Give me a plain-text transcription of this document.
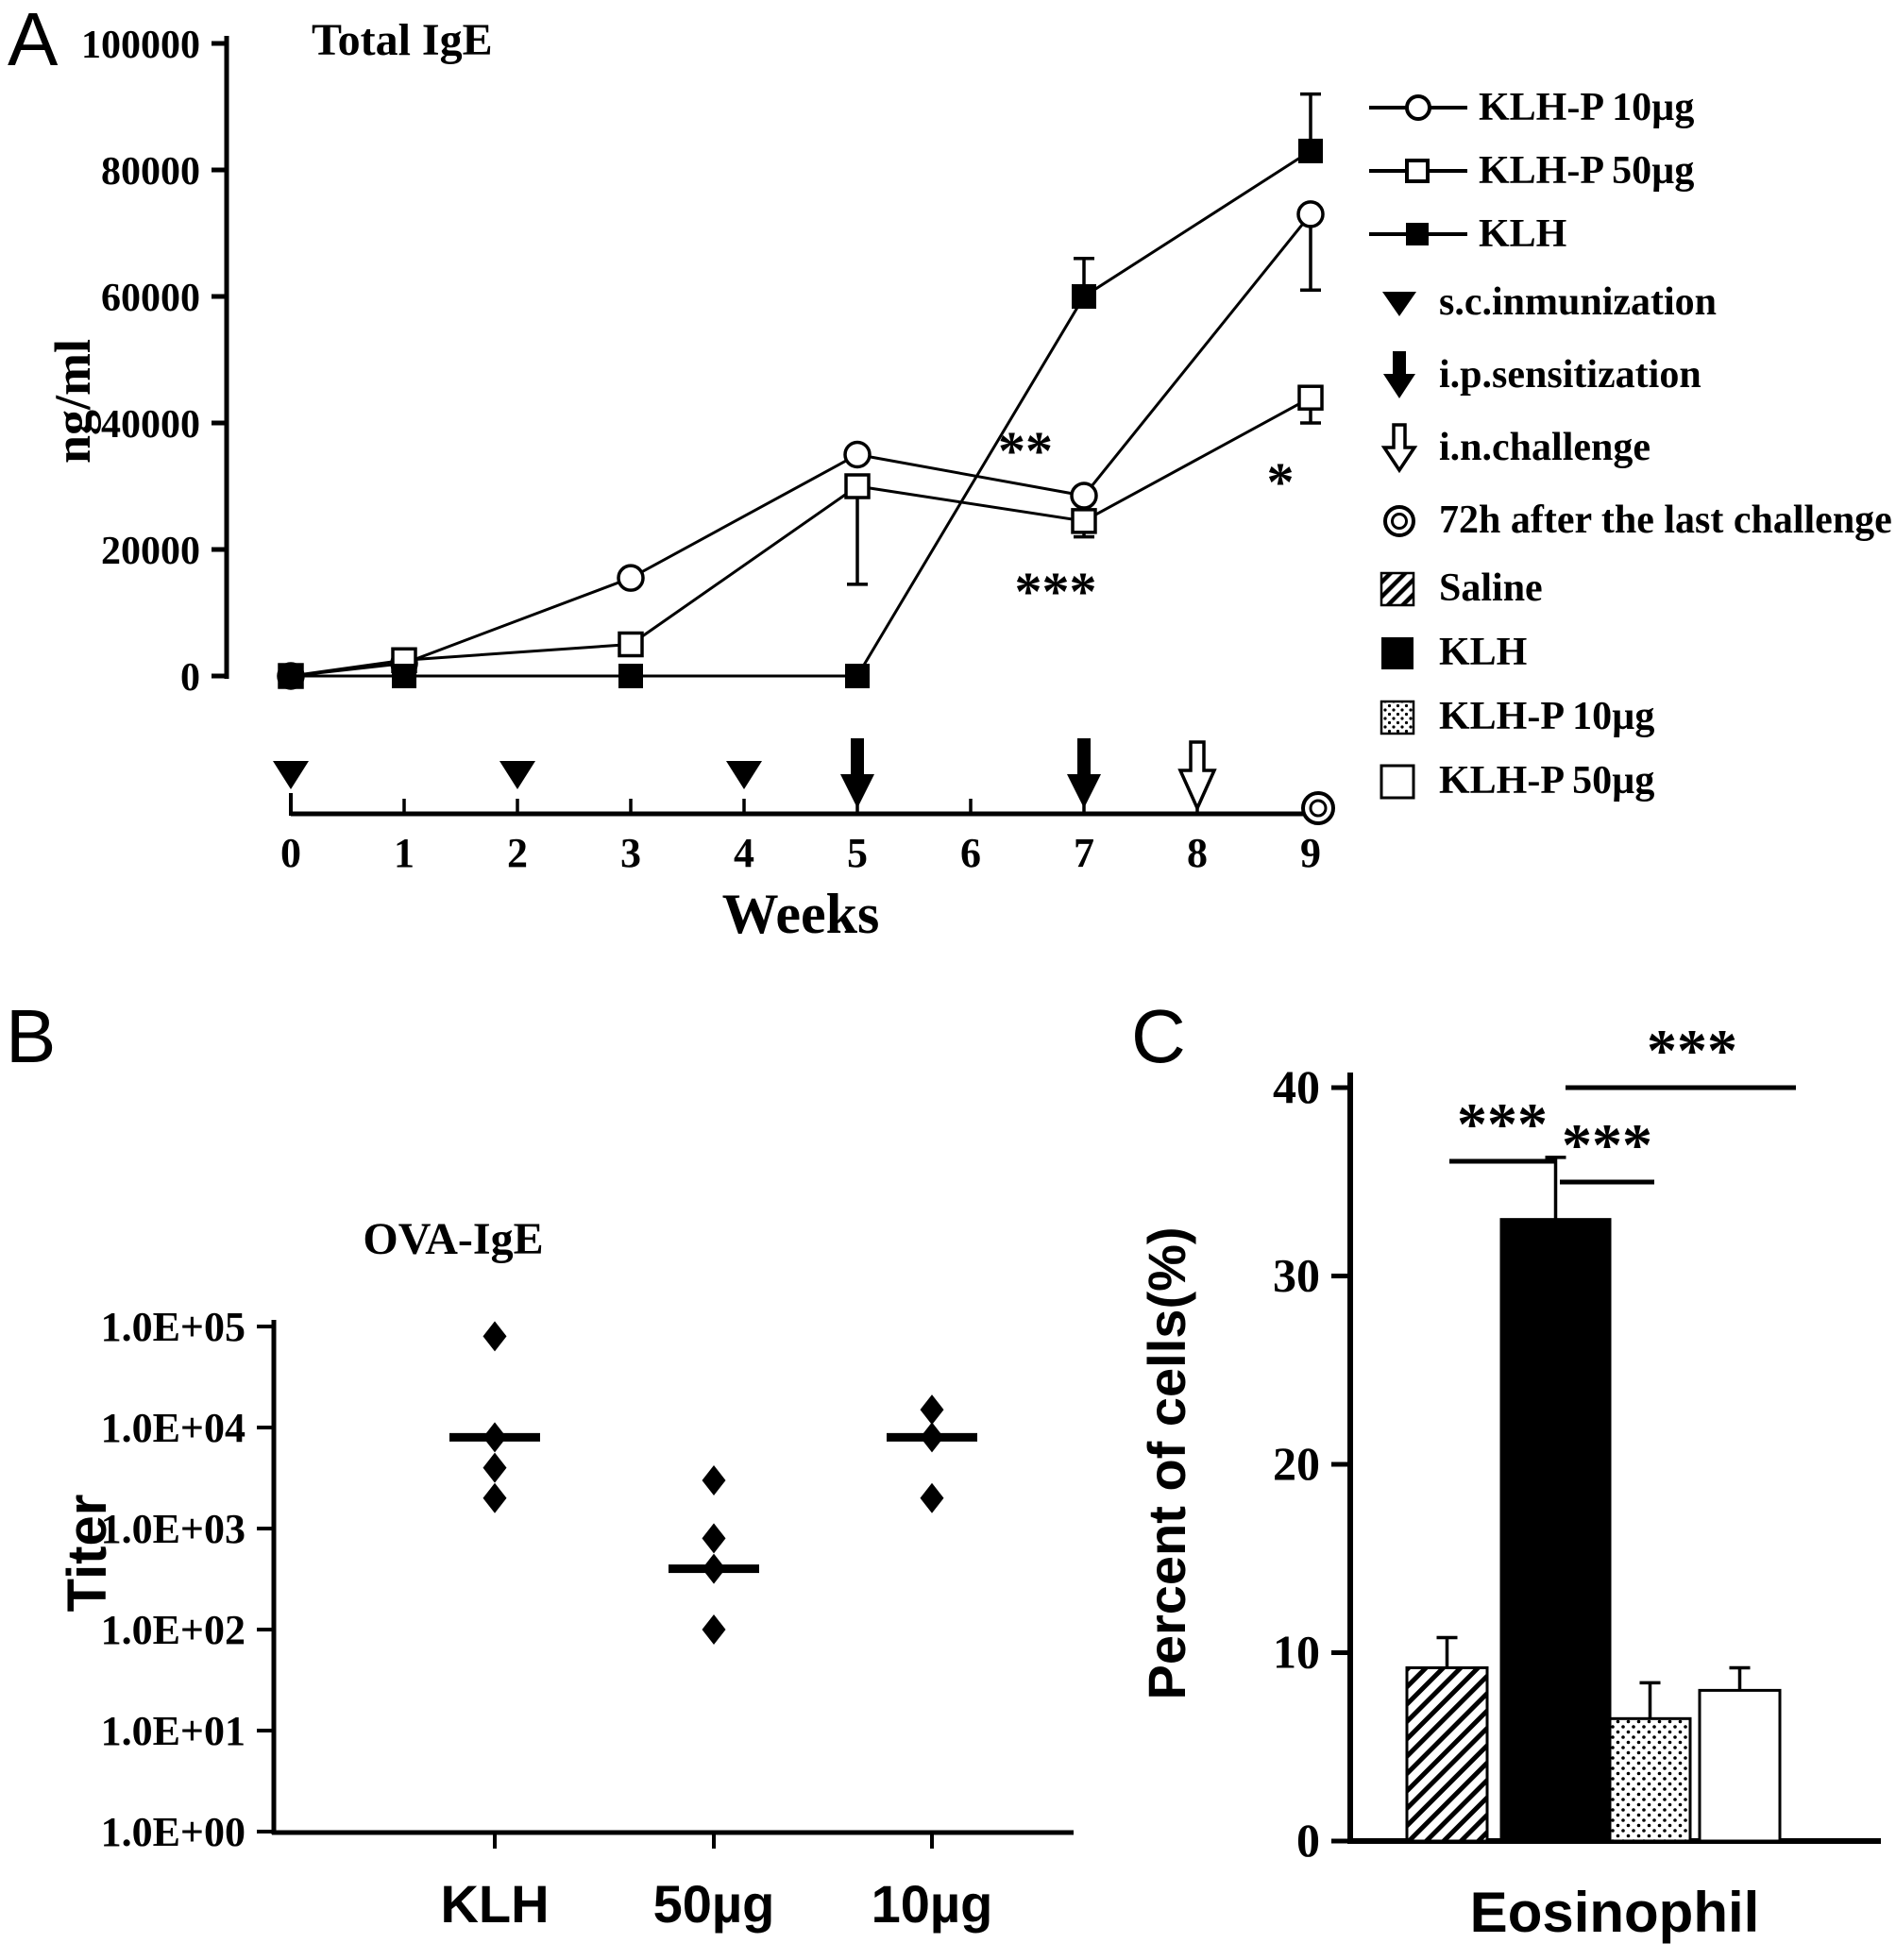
0
20000
40000
60000
80000
100000 Total IgE
ng/ml	**
***
*
0 1 2 3 4 5 6 7 8 9
Weeks
1.0E+00
1.0E+01
1.0E+02
1.0E+03
1.0E+04
1.0E+05
OVA-IgE
Titer
KLH 50µg 10µg
0
10
20
30
40
Percent of cells(%)
Eosinophil
*** ***
***
A
B	C
KLH-P 10µg
KLH-P 50µg
KLH
s.c.inmunization
i.p.sensitization
i.n.challenge
72h after the last challenge
Saline
KLH
KLH-P 10µg
KLH-P 50µg
